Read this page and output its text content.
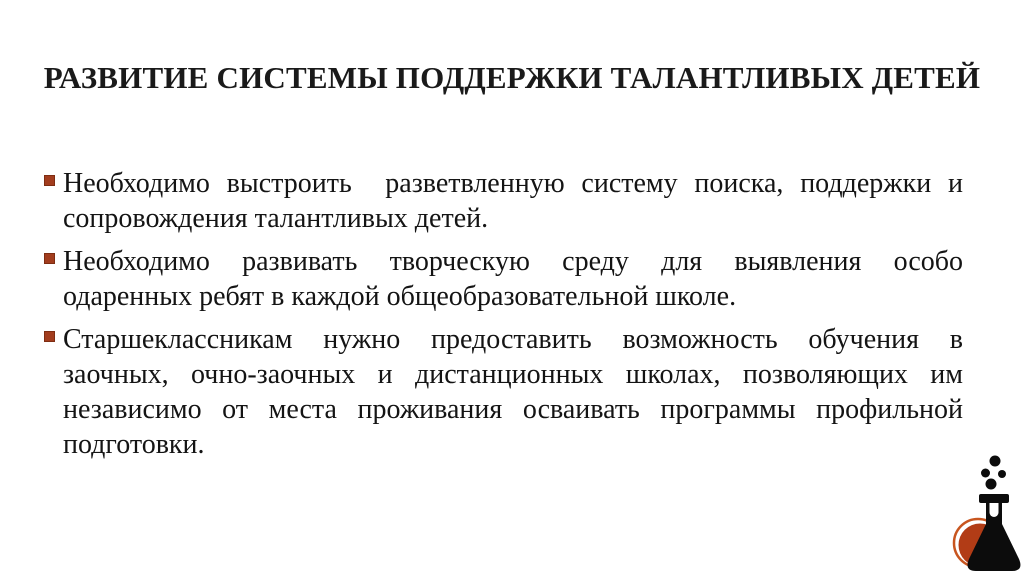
РАЗВИТИЕ СИСТЕМЫ ПОДДЕРЖКИ ТАЛАНТЛИВЫХ ДЕТЕЙ
Необходимо выстроить  разветвленную систему поиска, поддержки и
сопровождения талантливых детей.
Необходимо развивать творческую среду для выявления особо
одаренных ребят в каждой общеобразовательной школе.
Старшеклассникам нужно предоставить возможность обучения в
заочных, очно-заочных и дистанционных школах, позволяющих им
независимо от места проживания осваивать программы профильной
подготовки.
